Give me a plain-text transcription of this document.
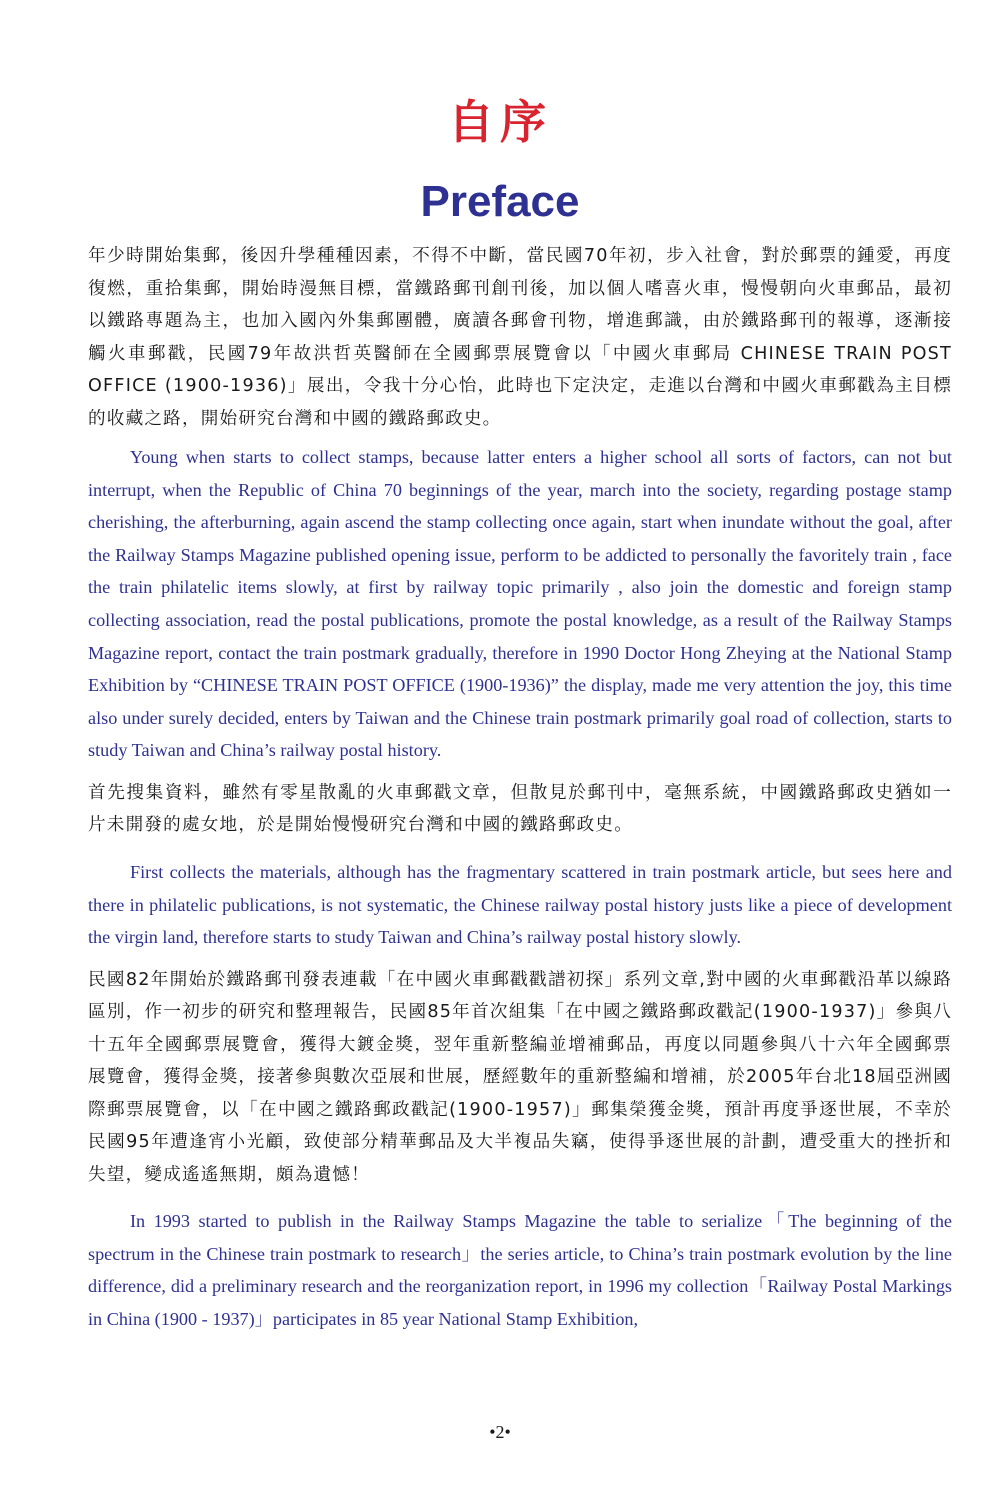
自序
Preface

年少時開始集郵，後因升學種種因素，不得不中斷，當民國70年初，步入社會，對於郵票的鍾愛，再度復燃，重拾集郵，開始時漫無目標，當鐵路郵刊創刊後，加以個人嗜喜火車，慢慢朝向火車郵品，最初以鐵路專題為主，也加入國內外集郵團體，廣讀各郵會刊物，增進郵識，由於鐵路郵刊的報導，逐漸接觸火車郵戳，民國79年故洪哲英醫師在全國郵票展覽會以「中國火車郵局 CHINESE TRAIN POST OFFICE (1900-1936)」展出，令我十分心怡，此時也下定決定，走進以台灣和中國火車郵戳為主目標的收藏之路，開始研究台灣和中國的鐵路郵政史。

Young when starts to collect stamps, because latter enters a higher school all sorts of factors, can not but interrupt, when the Republic of China 70 beginnings of the year, march into the society, regarding postage stamp cherishing, the afterburning, again ascend the stamp collecting once again, start when inundate without the goal, after the Railway Stamps Magazine published opening issue, perform to be addicted to personally the favoritely train , face the train philatelic items slowly, at first by railway topic primarily , also join the domestic and foreign stamp collecting association, read the postal publications, promote the postal knowledge, as a result of the Railway Stamps Magazine report, contact the train postmark gradually, therefore in 1990 Doctor Hong Zheying at the National Stamp Exhibition by “CHINESE TRAIN POST OFFICE (1900-1936)” the display, made me very attention the joy, this time also under surely decided, enters by Taiwan and the Chinese train postmark primarily goal road of collection, starts to study Taiwan and China’s railway postal history.

首先搜集資料，雖然有零星散亂的火車郵戳文章，但散見於郵刊中，毫無系統，中國鐵路郵政史猶如一片未開發的處女地，於是開始慢慢研究台灣和中國的鐵路郵政史。

First collects the materials, although has the fragmentary scattered in train postmark article, but sees here and there in philatelic publications, is not systematic, the Chinese railway postal history justs like a piece of development the virgin land, therefore starts to study Taiwan and China’s railway postal history slowly.

民國82年開始於鐵路郵刊發表連載「在中國火車郵戳戳譜初探」系列文章,對中國的火車郵戳沿革以線路區別，作一初步的研究和整理報告，民國85年首次組集「在中國之鐵路郵政戳記(1900-1937)」參與八十五年全國郵票展覽會，獲得大鍍金獎，翌年重新整編並增補郵品，再度以同題參與八十六年全國郵票展覽會，獲得金獎，接著參與數次亞展和世展，歷經數年的重新整編和增補，於2005年台北18屆亞洲國際郵票展覽會，以「在中國之鐵路郵政戳記(1900-1957)」郵集榮獲金獎，預計再度爭逐世展，不幸於民國95年遭逢宵小光顧，致使部分精華郵品及大半複品失竊，使得爭逐世展的計劃，遭受重大的挫折和失望，變成遙遙無期，頗為遺憾！

In 1993 started to publish in the Railway Stamps Magazine the table to serialize「The beginning of the spectrum in the Chinese train postmark to research」the series article, to China’s train postmark evolution by the line difference, did a preliminary research and the reorganization report, in 1996 my collection「Railway Postal Markings in China (1900 - 1937)」participates in 85 year National Stamp Exhibition,

•2•
